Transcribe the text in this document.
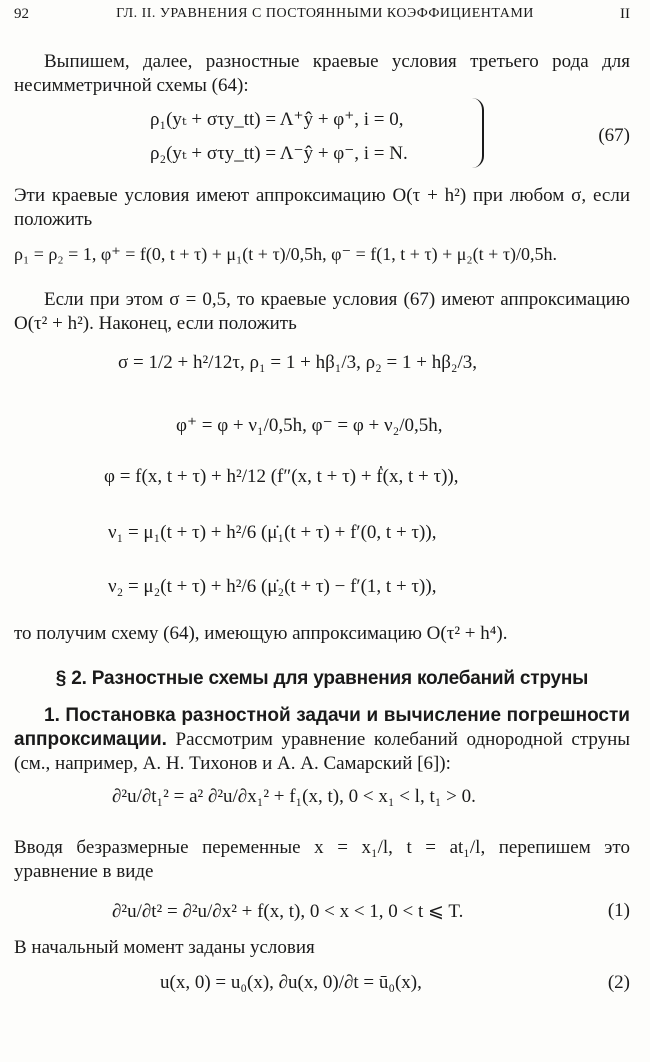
92	ГЛ. II. УРАВНЕНИЯ С ПОСТОЯННЫМИ КОЭФФИЦИЕНТАМИ	II
Выпишем, далее, разностные краевые условия третьего рода для несимметричной схемы (64):
ρ₁(yₜ + στy_tt) = Λ⁺ŷ + φ⁺, i = 0,
ρ₂(yₜ + στy_tt) = Λ⁻ŷ + φ⁻, i = N.
(67)
Эти краевые условия имеют аппроксимацию O(τ + h²) при любом σ, если положить
ρ₁ = ρ₂ = 1, φ⁺ = f(0, t + τ) + μ₁(t + τ)/0,5h, φ⁻ = f(1, t + τ) + μ₂(t + τ)/0,5h.
Если при этом σ = 0,5, то краевые условия (67) имеют аппроксимацию O(τ² + h²). Наконец, если положить
σ = 1/2 + h²/12τ, ρ₁ = 1 + hβ₁/3, ρ₂ = 1 + hβ₂/3,
φ⁺ = φ + ν₁/0,5h, φ⁻ = φ + ν₂/0,5h,
φ = f(x, t + τ) + h²/12 (f″(x, t + τ) + ḟ(x, t + τ)),
ν₁ = μ₁(t + τ) + h²/6 (μ̇₁(t + τ) + f′(0, t + τ)),
ν₂ = μ₂(t + τ) + h²/6 (μ̇₂(t + τ) − f′(1, t + τ)),
то получим схему (64), имеющую аппроксимацию O(τ² + h⁴).
§ 2. Разностные схемы для уравнения колебаний струны
1. Постановка разностной задачи и вычисление погрешности аппроксимации. Рассмотрим уравнение колебаний однородной струны (см., например, А. Н. Тихонов и А. А. Самарский [6]):
∂²u/∂t₁² = a² ∂²u/∂x₁² + f₁(x, t), 0 < x₁ < l, t₁ > 0.
Вводя безразмерные переменные x = x₁/l, t = at₁/l, перепишем это уравнение в виде
∂²u/∂t² = ∂²u/∂x² + f(x, t), 0 < x < 1, 0 < t ⩽ T.	(1)
В начальный момент заданы условия
u(x, 0) = u₀(x), ∂u(x, 0)/∂t = ū₀(x),	(2)
